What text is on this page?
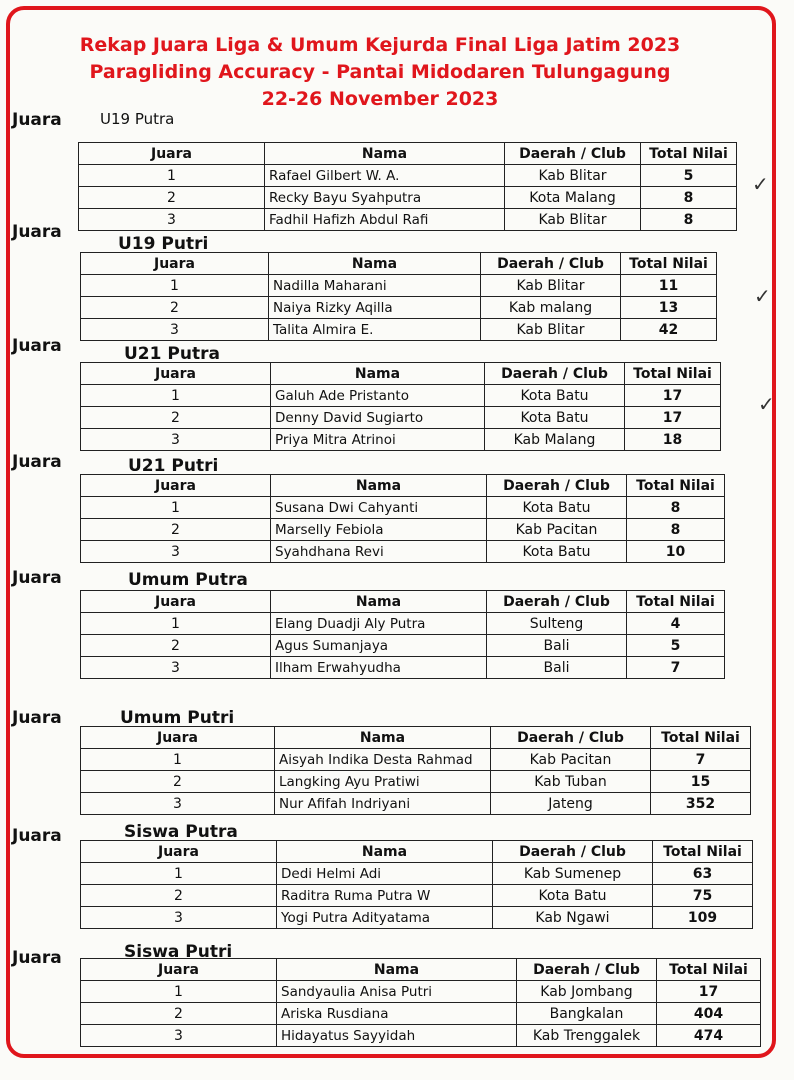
Rekap Juara Liga & Umum Kejurda Final Liga Jatim 2023
Paragliding Accuracy - Pantai Midodaren Tulungagung
22-26 November 2023
Juara	U19 Putra
Juara	Nama	Daerah / Club	Total Nilai
1	Rafael Gilbert W. A.	Kab Blitar	5
2	Recky Bayu Syahputra	Kota Malang	8
3	Fadhil Hafizh Abdul Rafi	Kab Blitar	8
Juara
U19 Putri
Juara	Nama	Daerah / Club	Total Nilai
1	Nadilla Maharani	Kab Blitar	11
2	Naiya Rizky Aqilla	Kab malang	13
3	Talita Almira E.	Kab Blitar	42
Juara	U21 Putra
Juara	Nama	Daerah / Club	Total Nilai
1	Galuh Ade Pristanto	Kota Batu	17
2	Denny David Sugiarto	Kota Batu	17
3	Priya Mitra Atrinoi	Kab Malang	18
Juara	U21 Putri
Juara	Nama	Daerah / Club	Total Nilai
1	Susana Dwi Cahyanti	Kota Batu	8
2	Marselly Febiola	Kab Pacitan	8
3	Syahdhana Revi	Kota Batu	10
Juara	Umum Putra
Juara	Nama	Daerah / Club	Total Nilai
1	Elang Duadji Aly Putra	Sulteng	4
2	Agus Sumanjaya	Bali	5
3	Ilham Erwahyudha	Bali	7
Juara	Umum Putri
Juara	Nama	Daerah / Club	Total Nilai
1	Aisyah Indika Desta Rahmad	Kab Pacitan	7
2	Langking Ayu Pratiwi	Kab Tuban	15
3	Nur Afifah Indriyani	Jateng	352
Juara	Siswa Putra
Juara	Nama	Daerah / Club	Total Nilai
1	Dedi Helmi Adi	Kab Sumenep	63
2	Raditra Ruma Putra W	Kota Batu	75
3	Yogi Putra Adityatama	Kab Ngawi	109
Juara	Siswa Putri
Juara	Nama	Daerah / Club	Total Nilai
1	Sandyaulia Anisa Putri	Kab Jombang	17
2	Ariska Rusdiana	Bangkalan	404
3	Hidayatus Sayyidah	Kab Trenggalek	474
✓
✓
✓
